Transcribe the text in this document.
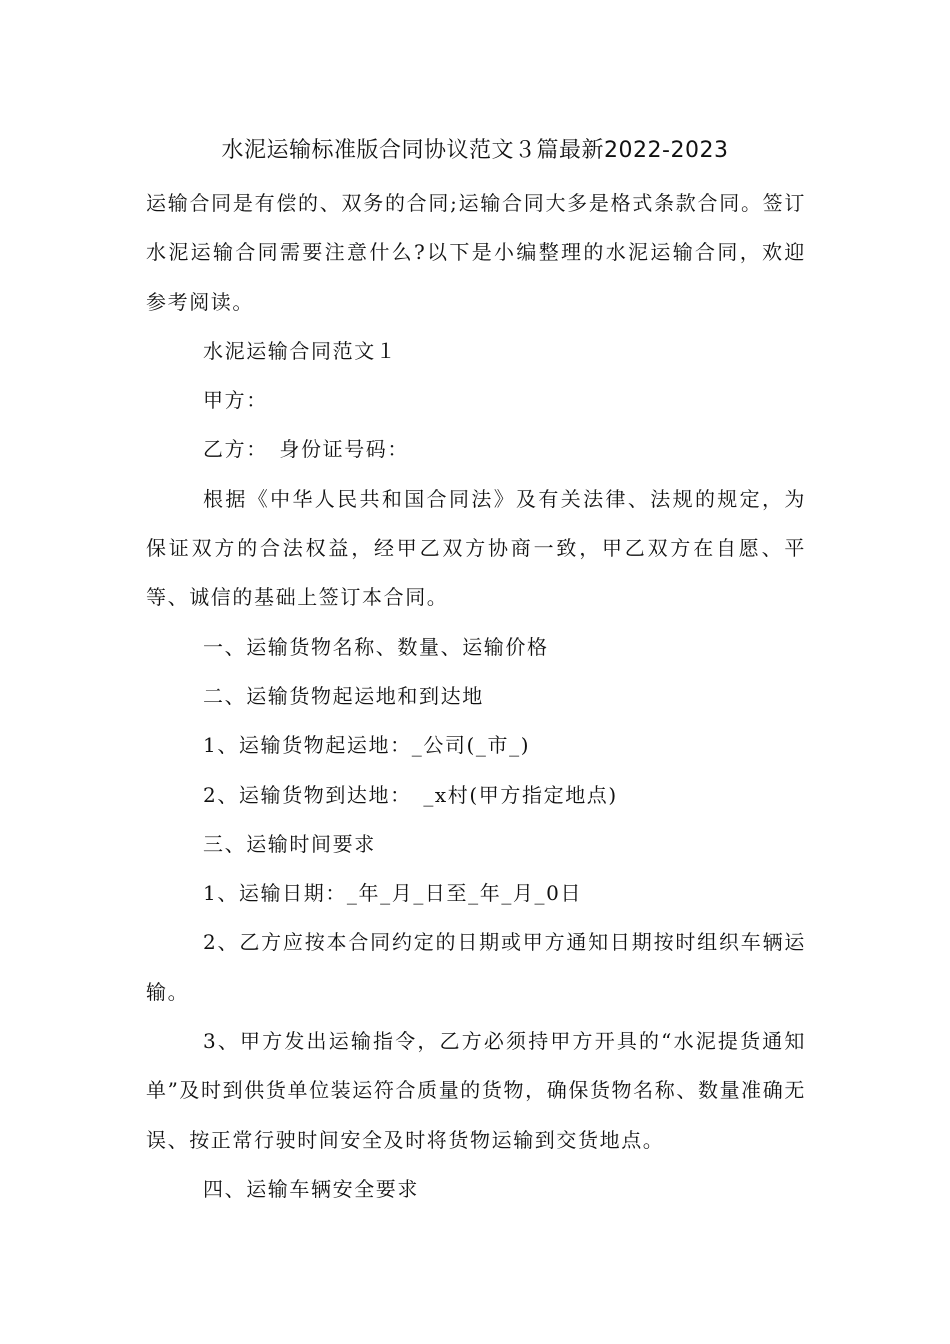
水泥运输标准版合同协议范文３篇最新2022-2023

运输合同是有偿的、双务的合同;运输合同大多是格式条款合同。签订水泥运输合同需要注意什么?以下是小编整理的水泥运输合同，欢迎参考阅读。

水泥运输合同范文１

甲方：

乙方：　身份证号码：

根据《中华人民共和国合同法》及有关法律、法规的规定，为保证双方的合法权益，经甲乙双方协商一致，甲乙双方在自愿、平等、诚信的基础上签订本合同。

一、运输货物名称、数量、运输价格

二、运输货物起运地和到达地

1、运输货物起运地：_公司(_市_)

2、运输货物到达地：　_x村(甲方指定地点)

三、运输时间要求

1、运输日期：_年_月_日至_年_月_0日

2、乙方应按本合同约定的日期或甲方通知日期按时组织车辆运输。

3、甲方发出运输指令，乙方必须持甲方开具的“水泥提货通知单”及时到供货单位装运符合质量的货物，确保货物名称、数量准确无误、按正常行驶时间安全及时将货物运输到交货地点。

四、运输车辆安全要求
